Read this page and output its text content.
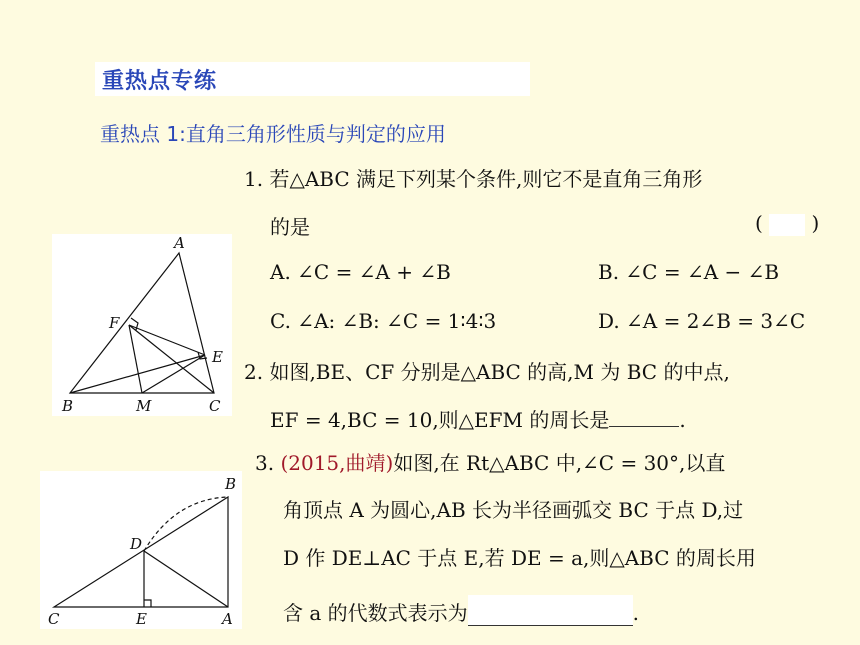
重热点专练
重热点 1:直角三角形性质与判定的应用
1. 若△ABC 满足下列某个条件,则它不是直角三角形
的是	( )
A. ∠C = ∠A + ∠B	B. ∠C = ∠A − ∠B
C. ∠A: ∠B: ∠C = 1∶4∶3	D. ∠A = 2∠B = 3∠C
2. 如图,BE、CF 分别是△ABC 的高,M 为 BC 的中点,
EF = 4,BC = 10,则△EFM 的周长是	.
3. (2015,曲靖)如图,在 Rt△ABC 中,∠C = 30°,以直
角顶点 A 为圆心,AB 长为半径画弧交 BC 于点 D,过
D 作 DE⊥AC 于点 E,若 DE = a,则△ABC 的周长用
含 a 的代数式表示为	.
A
B	C
M
E
F
B
D
C	E	A
